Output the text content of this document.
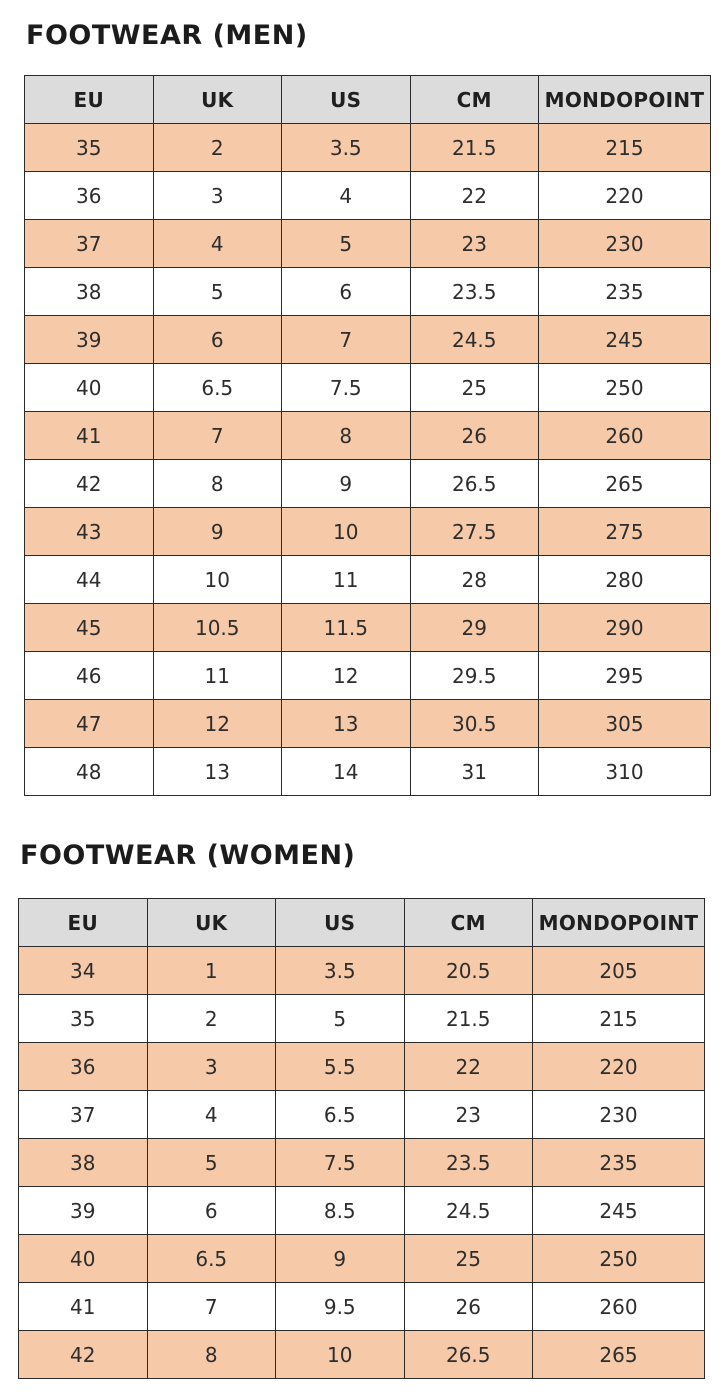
FOOTWEAR (MEN)
EU	UK	US	CM	MONDOPOINT
35	2	3.5	21.5	215
36	3	4	22	220
37	4	5	23	230
38	5	6	23.5	235
39	6	7	24.5	245
40	6.5	7.5	25	250
41	7	8	26	260
42	8	9	26.5	265
43	9	10	27.5	275
44	10	11	28	280
45	10.5	11.5	29	290
46	11	12	29.5	295
47	12	13	30.5	305
48	13	14	31	310
FOOTWEAR (WOMEN)
EU	UK	US	CM	MONDOPOINT
34	1	3.5	20.5	205
35	2	5	21.5	215
36	3	5.5	22	220
37	4	6.5	23	230
38	5	7.5	23.5	235
39	6	8.5	24.5	245
40	6.5	9	25	250
41	7	9.5	26	260
42	8	10	26.5	265
